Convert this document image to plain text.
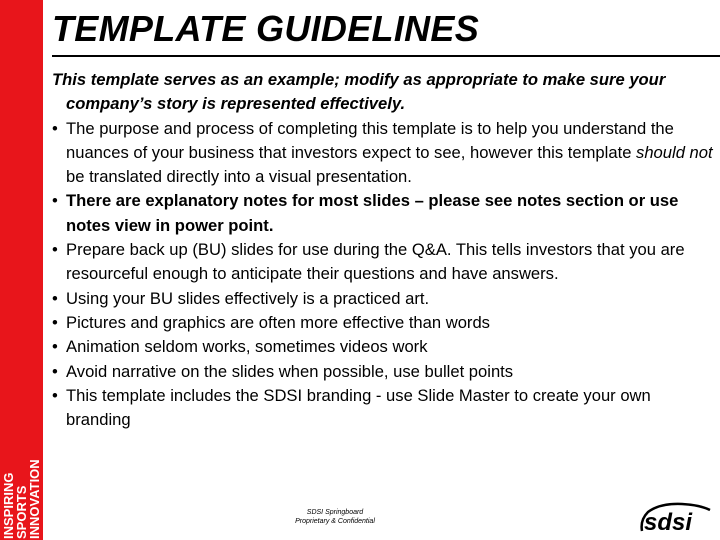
INSPIRING
SPORTS
INNOVATION
TEMPLATE GUIDELINES

This template serves as an example; modify as appropriate to make sure your company’s story is represented effectively.

• The purpose and process of completing this template is to help you understand the nuances of your business that investors expect to see, however this template should not be translated directly into a visual presentation.
• There are explanatory notes for most slides – please see notes section or use notes view in power point.
• Prepare back up (BU) slides for use during the Q&A. This tells investors that you are resourceful enough to anticipate their questions and have answers.
• Using your BU slides effectively is a practiced art.
• Pictures and graphics are often more effective than words
• Animation seldom works, sometimes videos work
• Avoid narrative on the slides when possible, use bullet points
• This template includes the SDSI branding - use Slide Master to create your own branding
SDSI Springboard
Proprietary & Confidential	sdsi
